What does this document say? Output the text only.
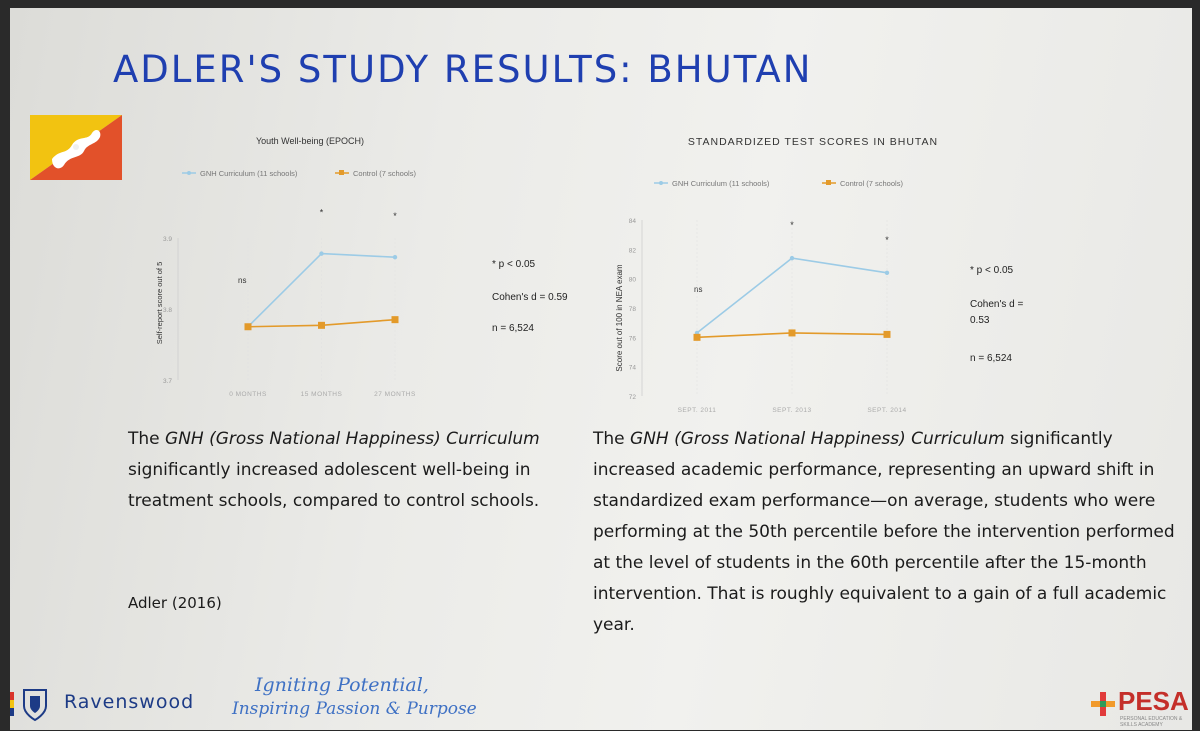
ADLER'S STUDY RESULTS: BHUTAN
Youth Well-being (EPOCH)
GNH Curriculum (11 schools)	Control (7 schools)
Self-report score out of 5	ns
3.7
3.8
3.9
0 MONTHS	15 MONTHS	27 MONTHS
*	*
* p < 0.05
Cohen's d = 0.59
n = 6,524
STANDARDIZED TEST SCORES IN BHUTAN
GNH Curriculum (11 schools)	Control (7 schools)
Score out of 100 in NEA exam	ns
72
74
76
78
80
82
84
SEPT. 2011	SEPT. 2013	SEPT. 2014
*
*
* p < 0.05
Cohen's d =
0.53
n = 6,524

The GNH (Gross National Happiness) Curriculum significantly increased adolescent well-being in treatment schools, compared to control schools.

Adler (2016)

The GNH (Gross National Happiness) Curriculum significantly increased academic performance, representing an upward shift in standardized exam performance—on average, students who were performing at the 50th percentile before the intervention performed at the level of students in the 60th percentile after the 15-month intervention. That is roughly equivalent to a gain of a full academic year.

Ravenswood
Igniting Potential,
Inspiring Passion & Purpose	PESA
PERSONAL EDUCATION & SKILLS ACADEMY
